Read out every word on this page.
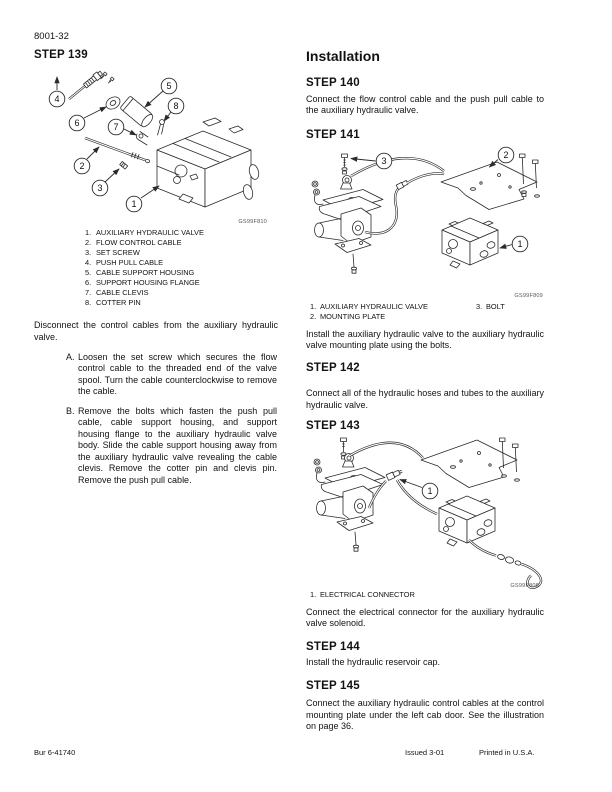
8001-32
STEP 139
4
6
5
8
7
2
3
1
GS99F810
1. AUXILIARY HYDRAULIC VALVE
2. FLOW CONTROL CABLE
3. SET SCREW
4. PUSH PULL CABLE
5. CABLE SUPPORT HOUSING
6. SUPPORT HOUSING FLANGE
7. CABLE CLEVIS
8. COTTER PIN
Disconnect the control cables from the auxiliary hydraulic valve.
A. Loosen the set screw which secures the flow control cable to the threaded end of the valve spool. Turn the cable counterclockwise to remove the cable.
B. Remove the bolts which fasten the push pull cable, cable support housing, and support housing flange to the auxiliary hydraulic valve body. Slide the cable support housing away from the auxiliary hydraulic valve revealing the cable clevis. Remove the cotter pin and clevis pin. Remove the push pull cable.
Installation
STEP 140
Connect the flow control cable and the push pull cable to the auxiliary hydraulic valve.
STEP 141
3
2
1
GS99F809
1. AUXILIARY HYDRAULIC VALVE	3. BOLT
2. MOUNTING PLATE
Install the auxiliary hydraulic valve to the auxiliary hydraulic valve mounting plate using the bolts.
STEP 142
Connect all of the hydraulic hoses and tubes to the auxiliary hydraulic valve.
STEP 143
1
GS99F808
1. ELECTRICAL CONNECTOR
Connect the electrical connector for the auxiliary hydraulic valve solenoid.
STEP 144
Install the hydraulic reservoir cap.
STEP 145
Connect the auxiliary hydraulic control cables at the control mounting plate under the left cab door. See the illustration on page 36.
Bur 6-41740	Issued 3-01	Printed in U.S.A.
